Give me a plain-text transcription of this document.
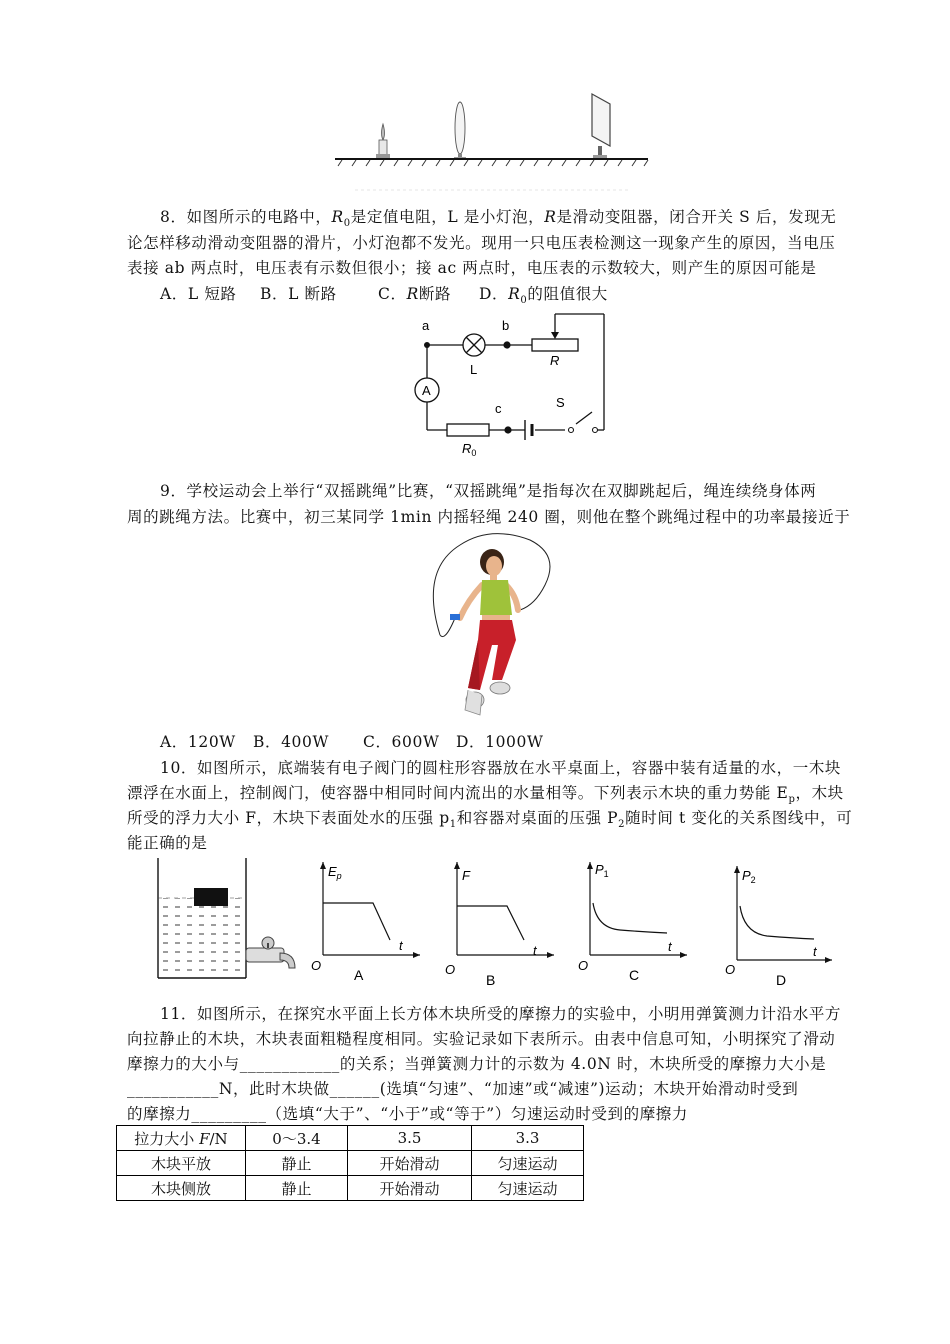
8．如图所示的电路中，$R_0$是定值电阻，L 是小灯泡，R是滑动变阻器，闭合开关 S 后，发现无
论怎样移动滑动变阻器的滑片，小灯泡都不发光。现用一只电压表检测这一现象产生的原因，当电压
表接 ab 两点时，电压表有示数但很小；接 ac 两点时，电压表的示数较大，则产生的原因可能是
A．L 短路 B．L 断路	C．R断路 D．$R_0$的阻值很大
a	b
L
R
A
c	S
$R_0$
9．学校运动会上举行“双摇跳绳”比赛，“双摇跳绳”是指每次在双脚跳起后，绳连续绕身体两
周的跳绳方法。比赛中，初三某同学 1min 内摇轻绳 240 圈，则他在整个跳绳过程中的功率最接近于
A．120W B．400W C．600W D．1000W
10．如图所示，底端装有电子阀门的圆柱形容器放在水平桌面上，容器中装有适量的水，一木块
漂浮在水面上，控制阀门，使容器中相同时间内流出的水量相等。下列表示木块的重力势能 $E_p$，木块
所受的浮力大小 F，木块下表面处水的压强 $p_1$和容器对桌面的压强 $P_2$随时间 t 变化的关系图线中，可
能正确的是
$E_p$
t
O
A
F
t
O
B
$P_1$
t
O
C
$P_2$
t
O
D
11．如图所示，在探究水平面上长方体木块所受的摩擦力的实验中，小明用弹簧测力计沿水平方
向拉静止的木块，木块表面粗糙程度相同。实验记录如下表所示。由表中信息可知，小明探究了滑动
摩擦力的大小与____________的关系；当弹簧测力计的示数为 4.0N 时，木块所受的摩擦力大小是
___________N，此时木块做______(选填“匀速”、“加速”或“减速”)运动；木块开始滑动时受到
的摩擦力_________（选填“大于”、“小于”或“等于”）匀速运动时受到的摩擦力
拉力大小 F/N	0～3.4	3.5	3.3
木块平放	静止	开始滑动	匀速运动
木块侧放	静止	开始滑动	匀速运动
